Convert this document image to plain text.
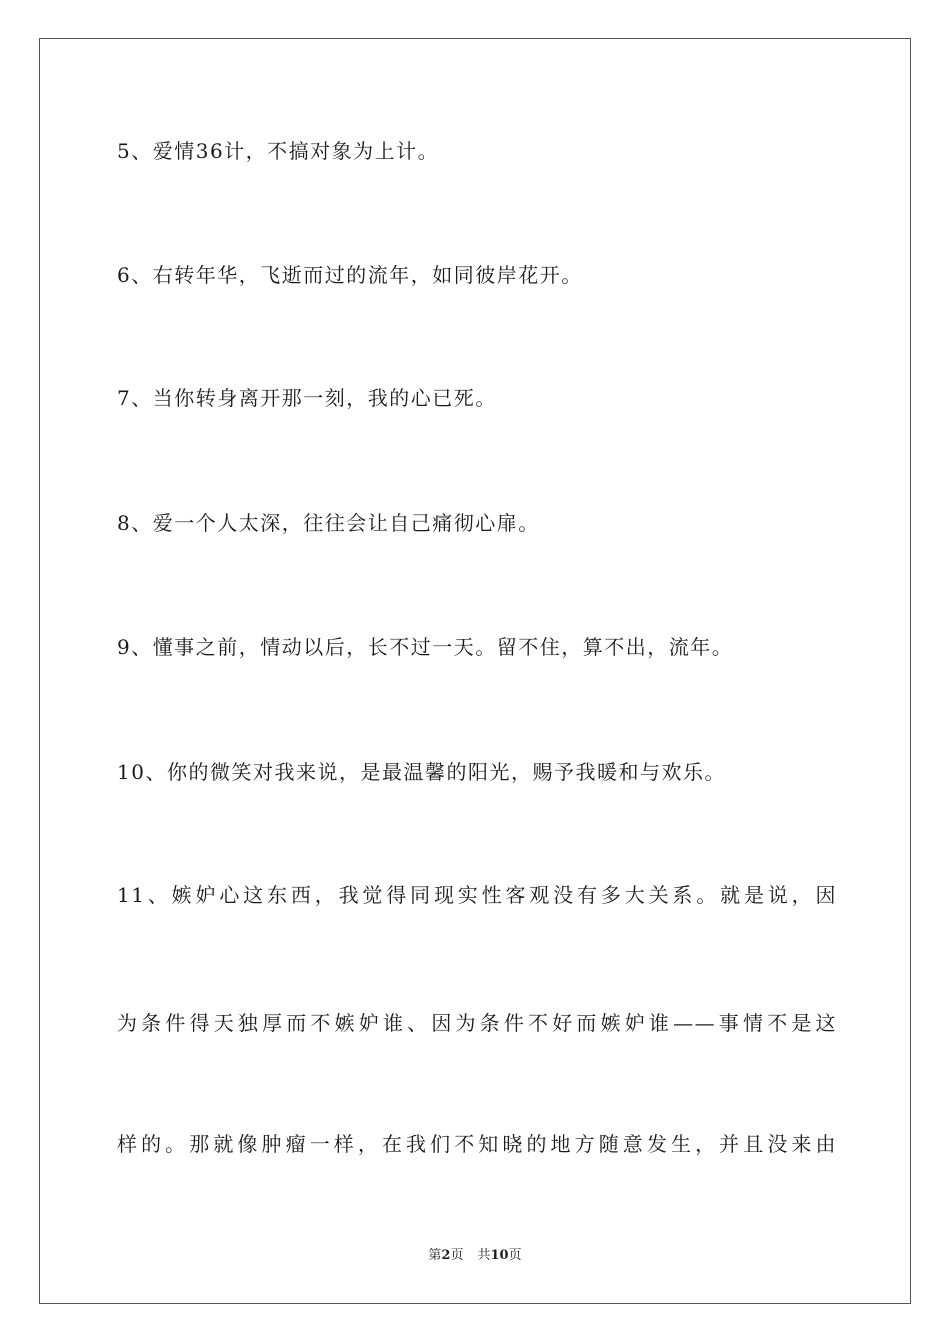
5、爱情36计，不搞对象为上计。
6、右转年华，飞逝而过的流年，如同彼岸花开。
7、当你转身离开那一刻，我的心已死。
8、爱一个人太深，往往会让自己痛彻心扉。
9、懂事之前，情动以后，长不过一天。留不住，算不出，流年。
10、你的微笑对我来说，是最温馨的阳光，赐予我暖和与欢乐。
11、嫉妒心这东西，我觉得同现实性客观没有多大关系。就是说，因
为条件得天独厚而不嫉妒谁、因为条件不好而嫉妒谁——事情不是这
样的。那就像肿瘤一样，在我们不知晓的地方随意发生，并且没来由
第2页 共10页
